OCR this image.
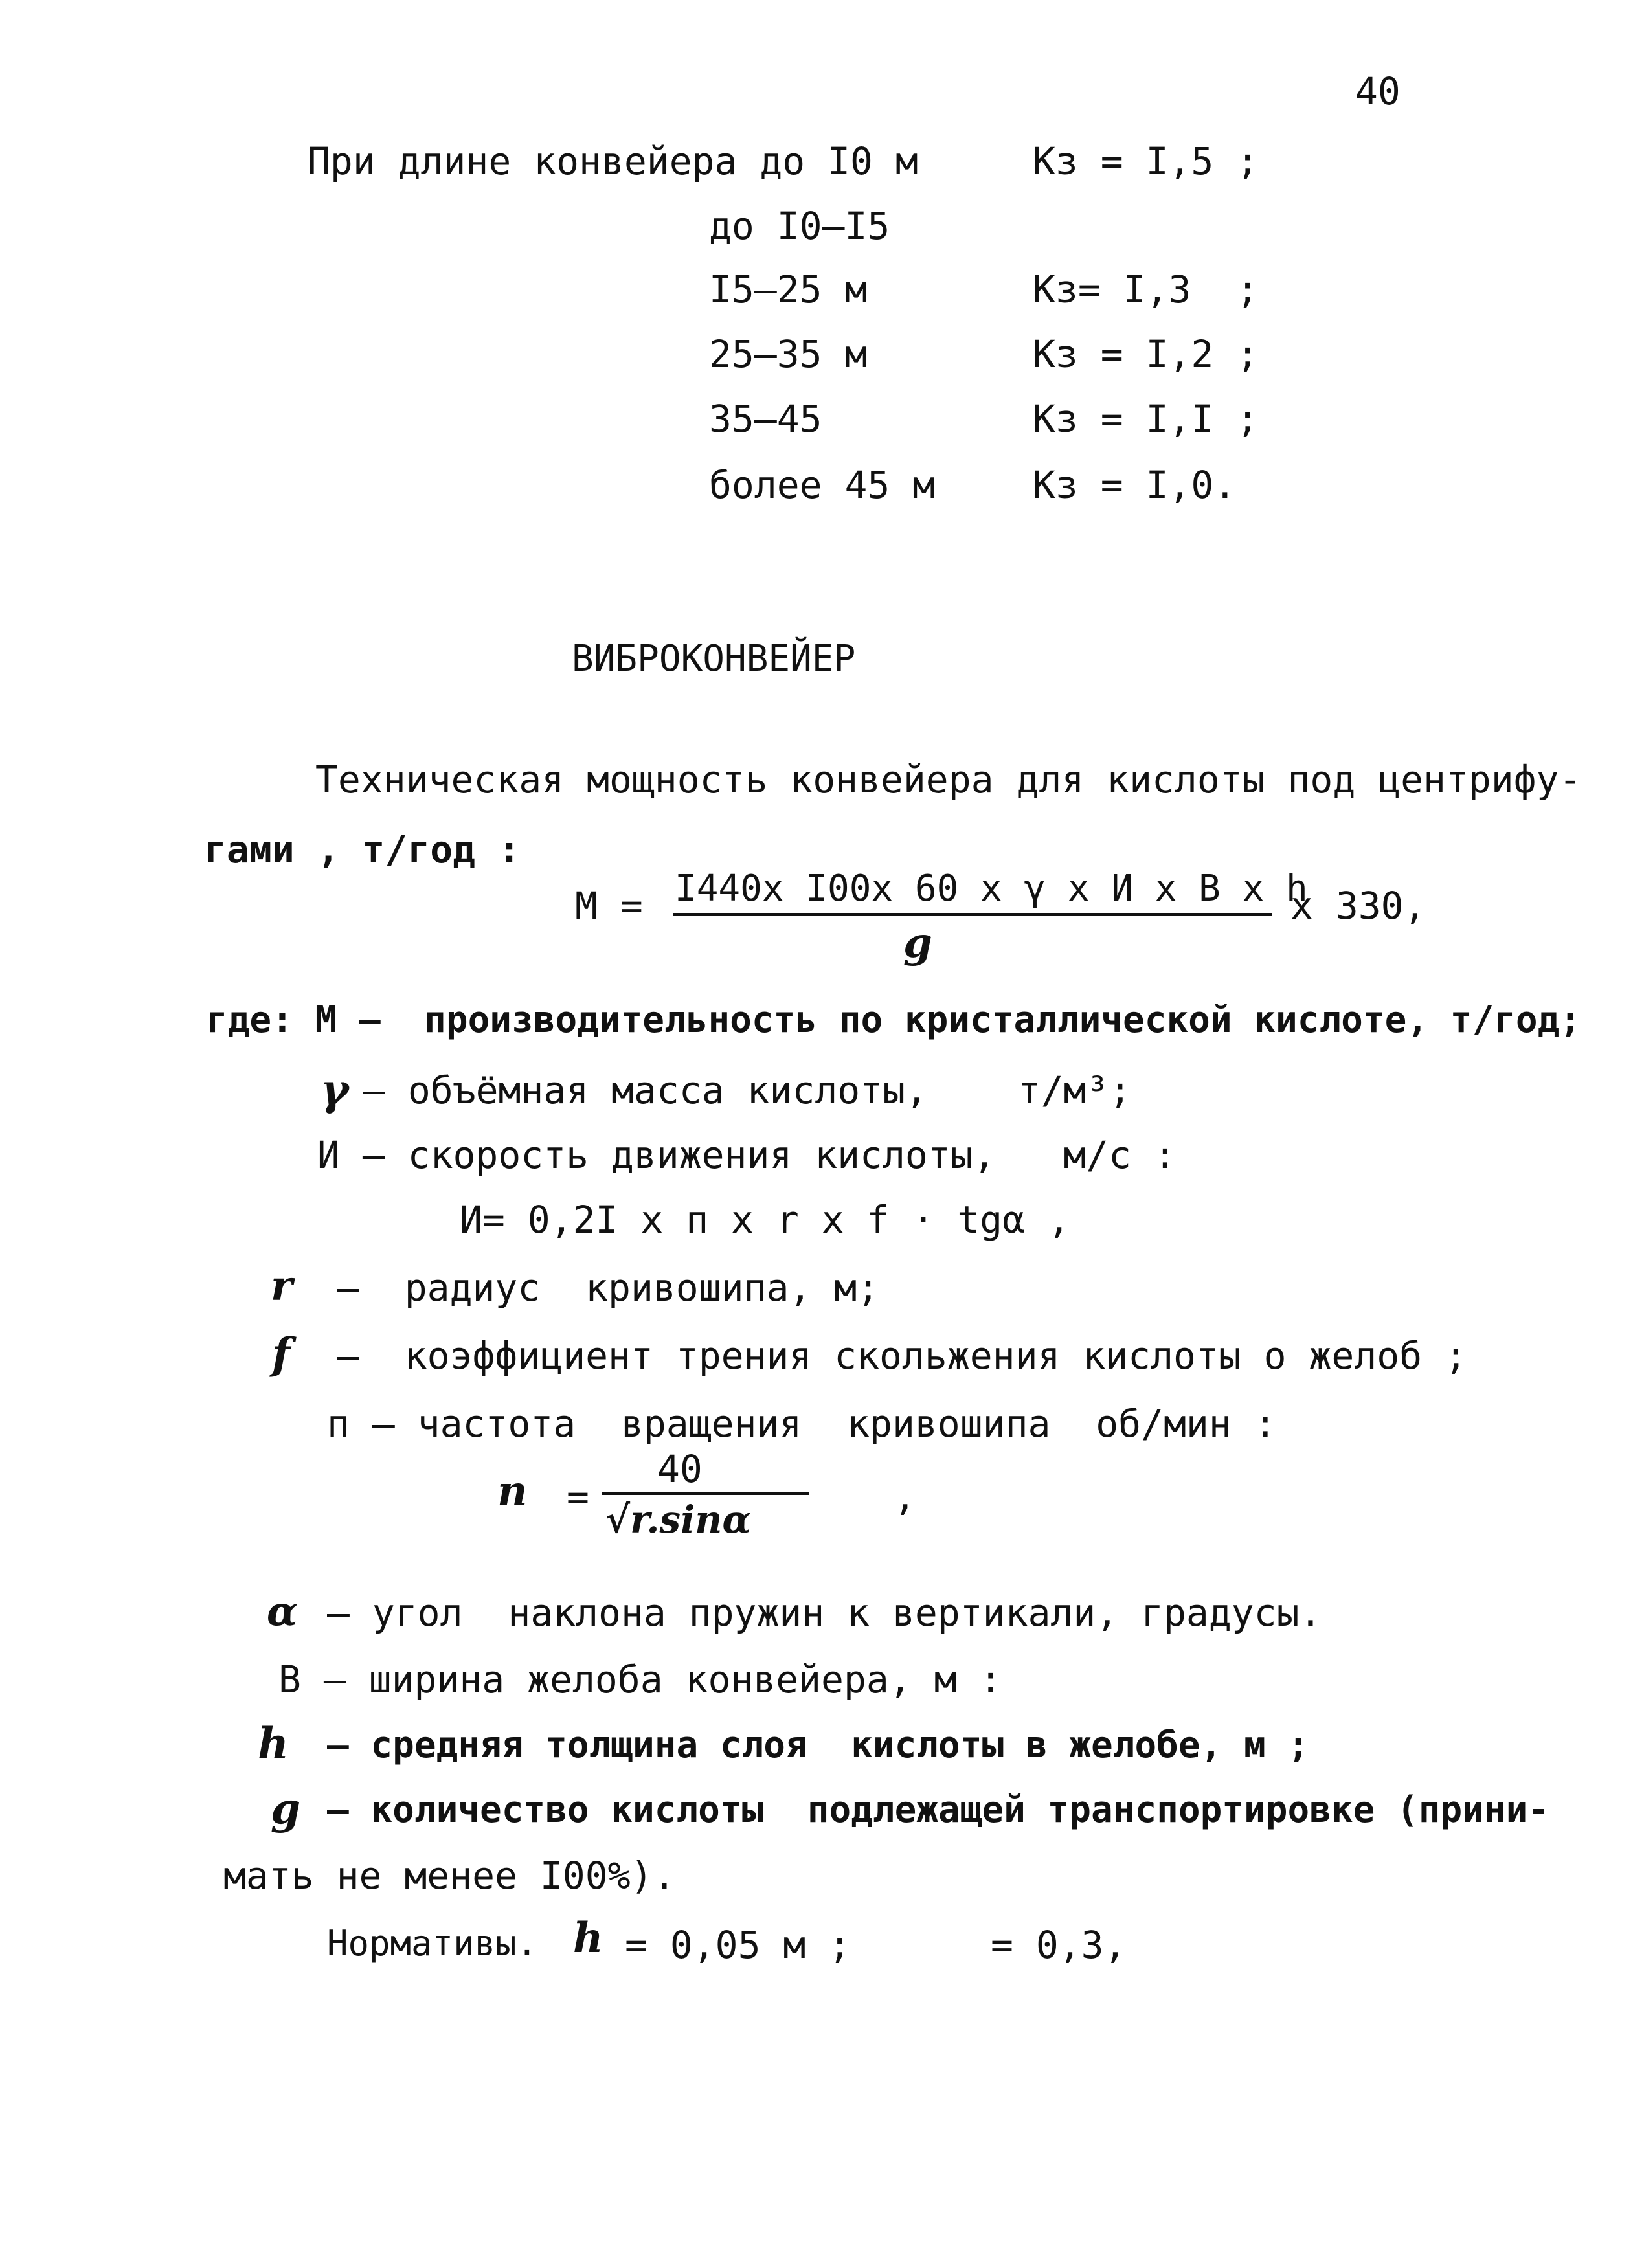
40
При длине конвейера до I0 м	Кз = I,5 ;
до I0–I5
I5–25 м	Кз= I,3  ;
25–35 м	Кз = I,2 ;
35–45	Кз = I,I ;
более 45 м	Кз = I,0.
ВИБРОКОНВЕЙЕР
Техническая мощность конвейера для кислоты под центрифу-
гами , т/год :
М = I440x I00x 60 x γ x И x B x h
g
x 330,
где: М –  производительность по кристаллической кислоте, т/год;
γ – объёмная масса кислоты,    т/м³;
И – скорость движения кислоты,   м/с :
И= 0,2I x п x r x f · tgα ,
r –  радиус  кривошипа, м;
f –  коэффициент трения скольжения кислоты о желоб ;
п – частота  вращения  кривошипа  об/мин :
n =
40
√r.sinα
,
α – угол  наклона пружин к вертикали, градусы.
В – ширина желоба конвейера, м :
h – средняя толщина слоя  кислоты в желобе, м ;
g – количество кислоты  подлежащей транспортировке (прини-
мать не менее I00%).
Нормативы. h = 0,05 м ;	= 0,3,
